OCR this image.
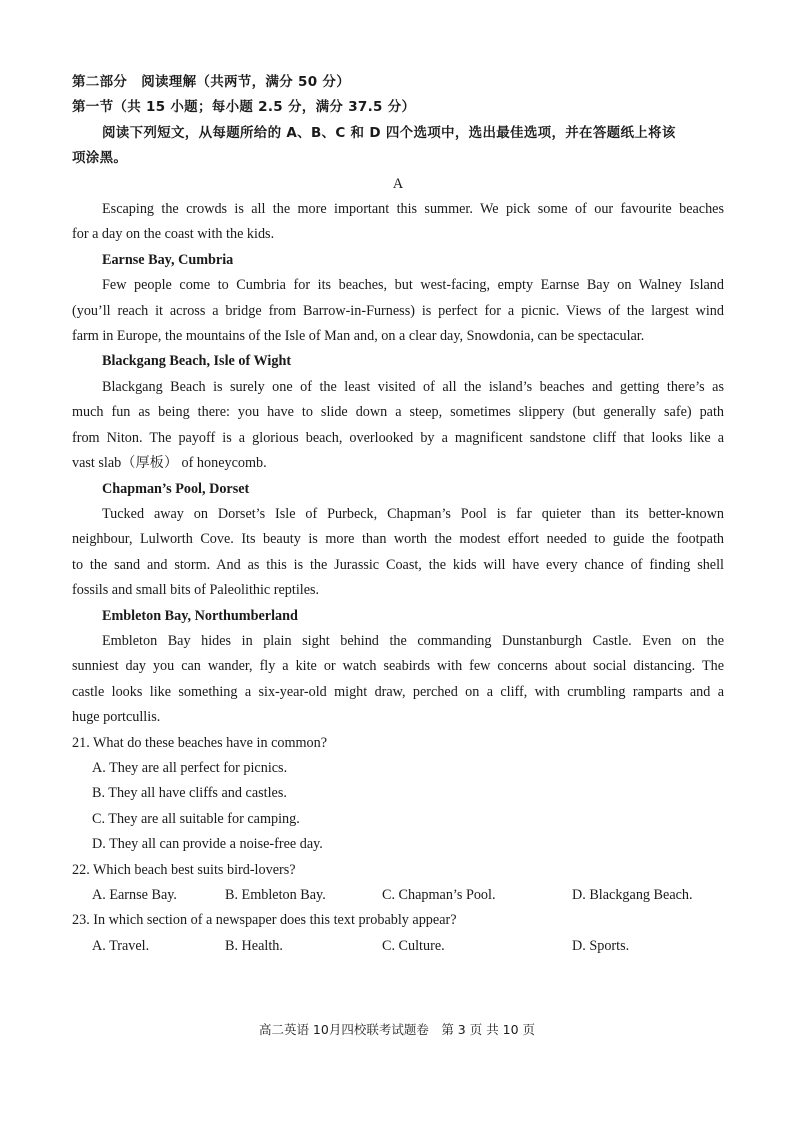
第二部分 阅读理解（共两节，满分 50 分）
第一节（共 15 小题；每小题 2.5 分，满分 37.5 分）
阅读下列短文，从每题所给的 A、B、C 和 D 四个选项中，选出最佳选项，并在答题纸上将该
项涂黑。
A
Escaping the crowds is all the more important this summer. We pick some of our favourite beaches
for a day on the coast with the kids.
Earnse Bay, Cumbria
Few people come to Cumbria for its beaches, but west-facing, empty Earnse Bay on Walney Island
(you’ll reach it across a bridge from Barrow-in-Furness) is perfect for a picnic. Views of the largest wind
farm in Europe, the mountains of the Isle of Man and, on a clear day, Snowdonia, can be spectacular.
Blackgang Beach, Isle of Wight
Blackgang Beach is surely one of the least visited of all the island’s beaches and getting there’s as
much fun as being there: you have to slide down a steep, sometimes slippery (but generally safe) path
from Niton. The payoff is a glorious beach, overlooked by a magnificent sandstone cliff that looks like a
vast slab（厚板） of honeycomb.
Chapman’s Pool, Dorset
Tucked away on Dorset’s Isle of Purbeck, Chapman’s Pool is far quieter than its better-known
neighbour, Lulworth Cove. Its beauty is more than worth the modest effort needed to guide the footpath
to the sand and storm. And as this is the Jurassic Coast, the kids will have every chance of finding shell
fossils and small bits of Paleolithic reptiles.
Embleton Bay, Northumberland
Embleton Bay hides in plain sight behind the commanding Dunstanburgh Castle. Even on the
sunniest day you can wander, fly a kite or watch seabirds with few concerns about social distancing. The
castle looks like something a six-year-old might draw, perched on a cliff, with crumbling ramparts and a
huge portcullis.
21. What do these beaches have in common?
A. They are all perfect for picnics.
B. They all have cliffs and castles.
C. They are all suitable for camping.
D. They all can provide a noise-free day.
22. Which beach best suits bird-lovers?
A. Earnse Bay.	B. Embleton Bay.	C. Chapman’s Pool.	D. Blackgang Beach.
23. In which section of a newspaper does this text probably appear?
A. Travel.	B. Health.	C. Culture.	D. Sports.
高二英语 10月四校联考试题卷　第 3 页 共 10 页
